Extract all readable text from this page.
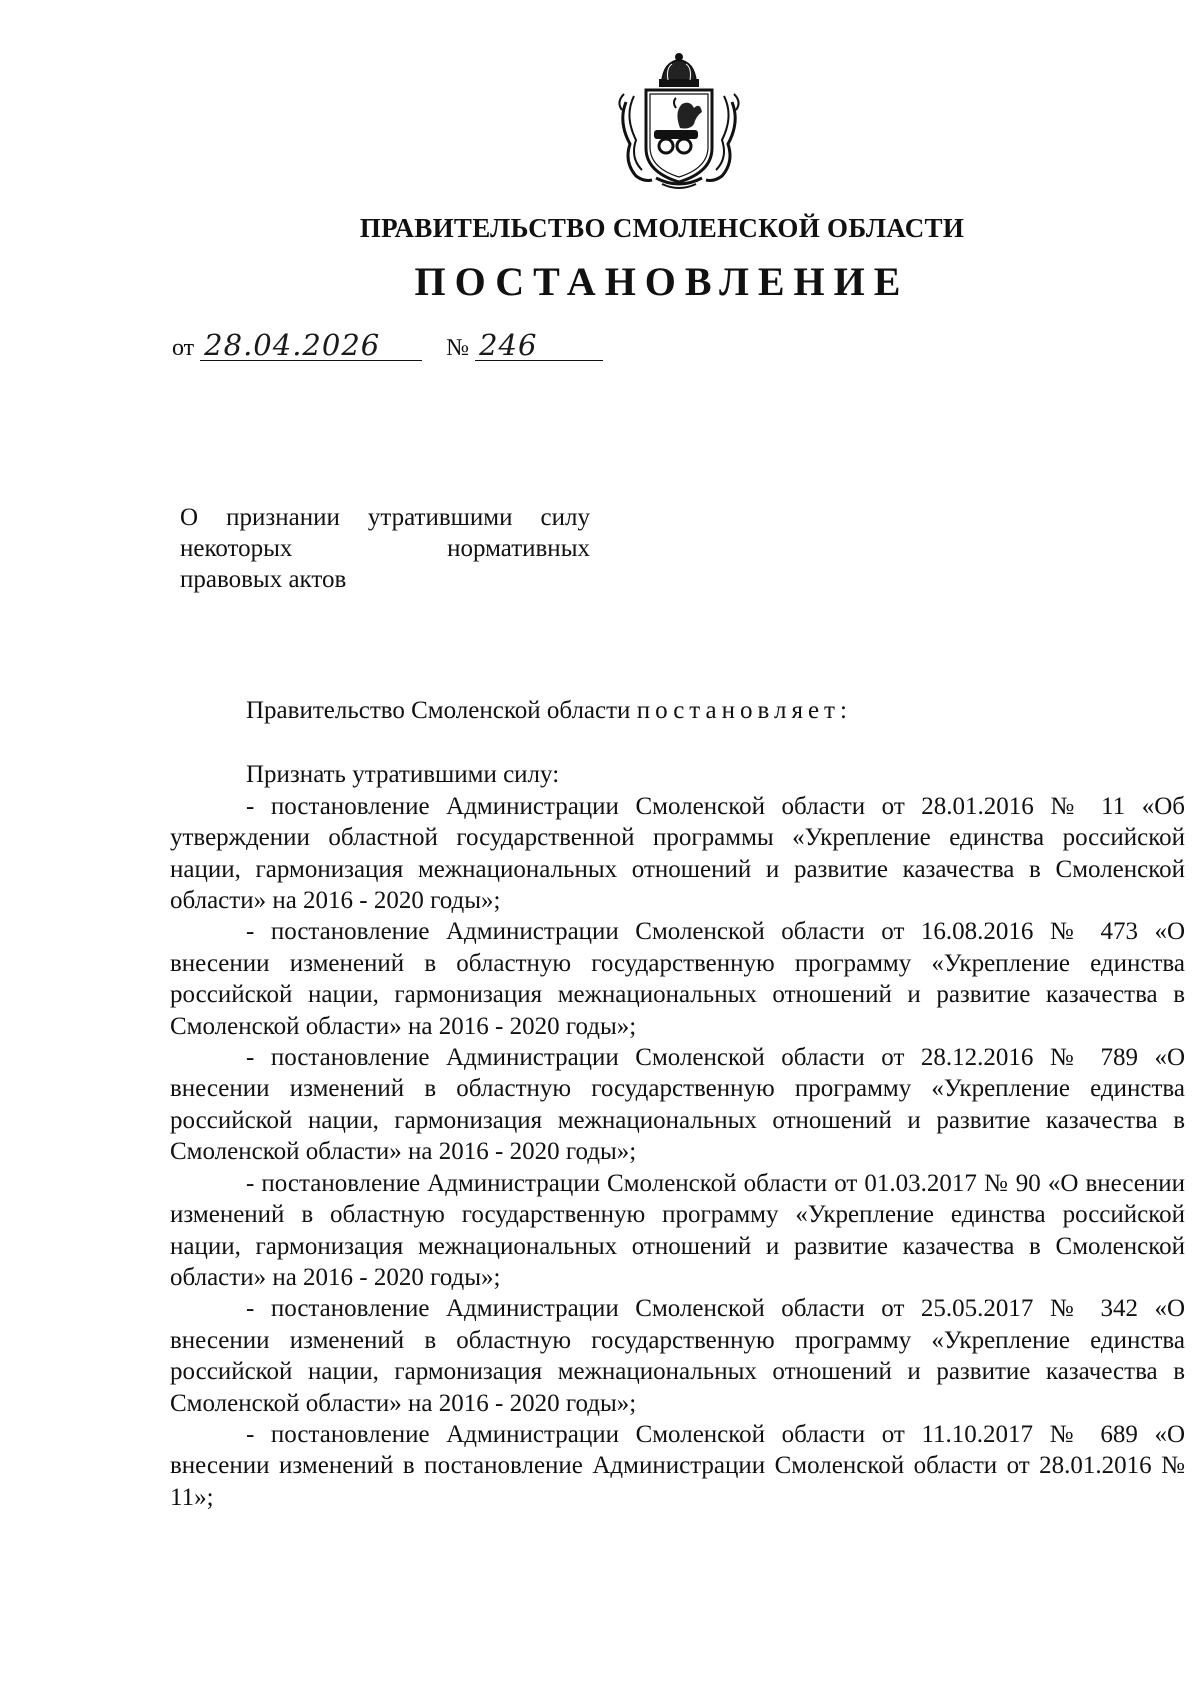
ПРАВИТЕЛЬСТВО СМОЛЕНСКОЙ ОБЛАСТИ
ПОСТАНОВЛЕНИЕ
от 28.04.2026	№ 246
О признании утратившими силу
некоторых нормативных
правовых актов

Правительство Смоленской области постановляет:

Признать утратившими силу:

- постановление Администрации Смоленской области от 28.01.2016 № 11 «Об утверждении областной государственной программы «Укрепление единства российской нации, гармонизация межнациональных отношений и развитие казачества в Смоленской области» на 2016 - 2020 годы»;

- постановление Администрации Смоленской области от 16.08.2016 № 473 «О внесении изменений в областную государственную программу «Укрепление единства российской нации, гармонизация межнациональных отношений и развитие казачества в Смоленской области» на 2016 - 2020 годы»;

- постановление Администрации Смоленской области от 28.12.2016 № 789 «О внесении изменений в областную государственную программу «Укрепление единства российской нации, гармонизация межнациональных отношений и развитие казачества в Смоленской области» на 2016 - 2020 годы»;

- постановление Администрации Смоленской области от 01.03.2017 № 90 «О внесении изменений в областную государственную программу «Укрепление единства российской нации, гармонизация межнациональных отношений и развитие казачества в Смоленской области» на 2016 - 2020 годы»;

- постановление Администрации Смоленской области от 25.05.2017 № 342 «О внесении изменений в областную государственную программу «Укрепление единства российской нации, гармонизация межнациональных отношений и развитие казачества в Смоленской области» на 2016 - 2020 годы»;

- постановление Администрации Смоленской области от 11.10.2017 № 689 «О внесении изменений в постановление Администрации Смоленской области от 28.01.2016 № 11»;
